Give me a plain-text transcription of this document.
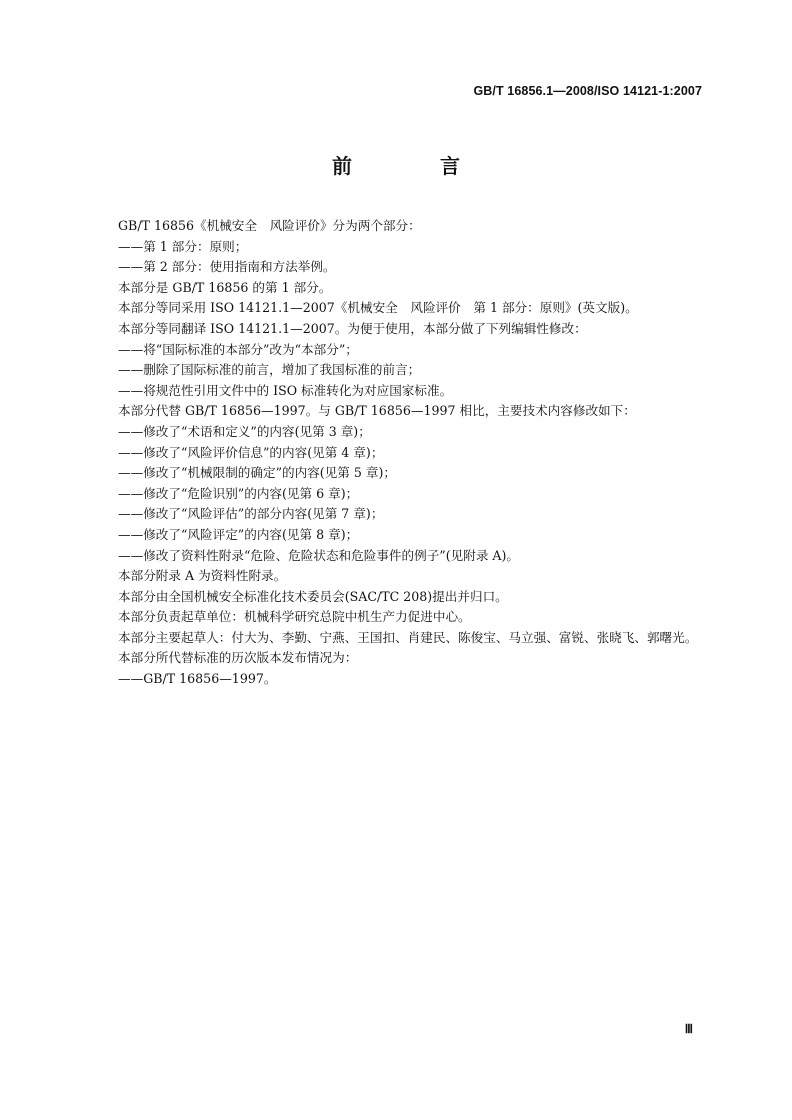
GB/T 16856.1—2008/ISO 14121-1:2007
前　言
GB/T 16856《机械安全　风险评价》分为两个部分：
——第 1 部分：原则；
——第 2 部分：使用指南和方法举例。
本部分是 GB/T 16856 的第 1 部分。
本部分等同采用 ISO 14121.1—2007《机械安全　风险评价　第 1 部分：原则》(英文版)。
本部分等同翻译 ISO 14121.1—2007。为便于使用，本部分做了下列编辑性修改：
——将“国际标准的本部分”改为“本部分”；
——删除了国际标准的前言，增加了我国标准的前言；
——将规范性引用文件中的 ISO 标准转化为对应国家标准。
本部分代替 GB/T 16856—1997。与 GB/T 16856—1997 相比，主要技术内容修改如下：
——修改了“术语和定义”的内容(见第 3 章)；
——修改了“风险评价信息”的内容(见第 4 章)；
——修改了“机械限制的确定”的内容(见第 5 章)；
——修改了“危险识别”的内容(见第 6 章)；
——修改了“风险评估”的部分内容(见第 7 章)；
——修改了“风险评定”的内容(见第 8 章)；
——修改了资料性附录“危险、危险状态和危险事件的例子”(见附录 A)。
本部分附录 A 为资料性附录。
本部分由全国机械安全标准化技术委员会(SAC/TC 208)提出并归口。
本部分负责起草单位：机械科学研究总院中机生产力促进中心。
本部分主要起草人：付大为、李勤、宁燕、王国扣、肖建民、陈俊宝、马立强、富锐、张晓飞、郭曙光。
本部分所代替标准的历次版本发布情况为：
——GB/T 16856—1997。
Ⅲ
